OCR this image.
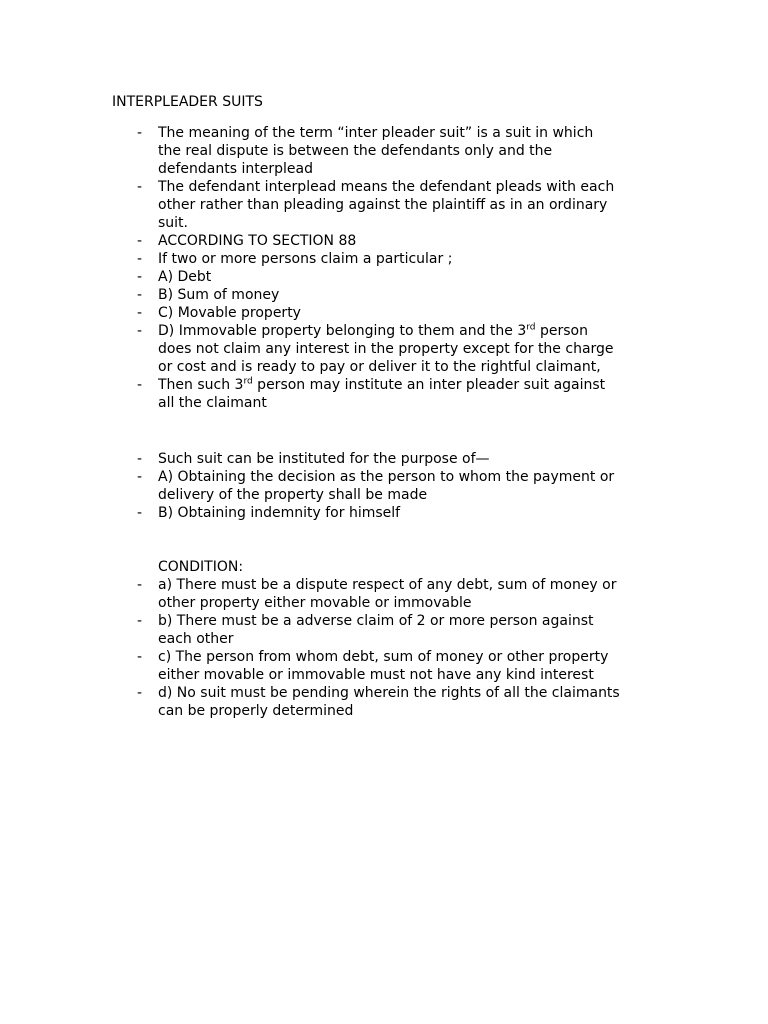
INTERPLEADER SUITS
- The meaning of the term “inter pleader suit” is a suit in which
the real dispute is between the defendants only and the
defendants interplead
- The defendant interplead means the defendant pleads with each
other rather than pleading against the plaintiff as in an ordinary
suit.
- ACCORDING TO SECTION 88
- If two or more persons claim a particular ;
- A) Debt
- B) Sum of money
- C) Movable property
- D) Immovable property belonging to them and the 3rd person
does not claim any interest in the property except for the charge
or cost and is ready to pay or deliver it to the rightful claimant,
- Then such 3rd person may institute an inter pleader suit against
all the claimant
- Such suit can be instituted for the purpose of—
- A) Obtaining the decision as the person to whom the payment or
delivery of the property shall be made
- B) Obtaining indemnity for himself
CONDITION:
- a) There must be a dispute respect of any debt, sum of money or
other property either movable or immovable
- b) There must be a adverse claim of 2 or more person against
each other
- c) The person from whom debt, sum of money or other property
either movable or immovable must not have any kind interest
- d) No suit must be pending wherein the rights of all the claimants
can be properly determined
